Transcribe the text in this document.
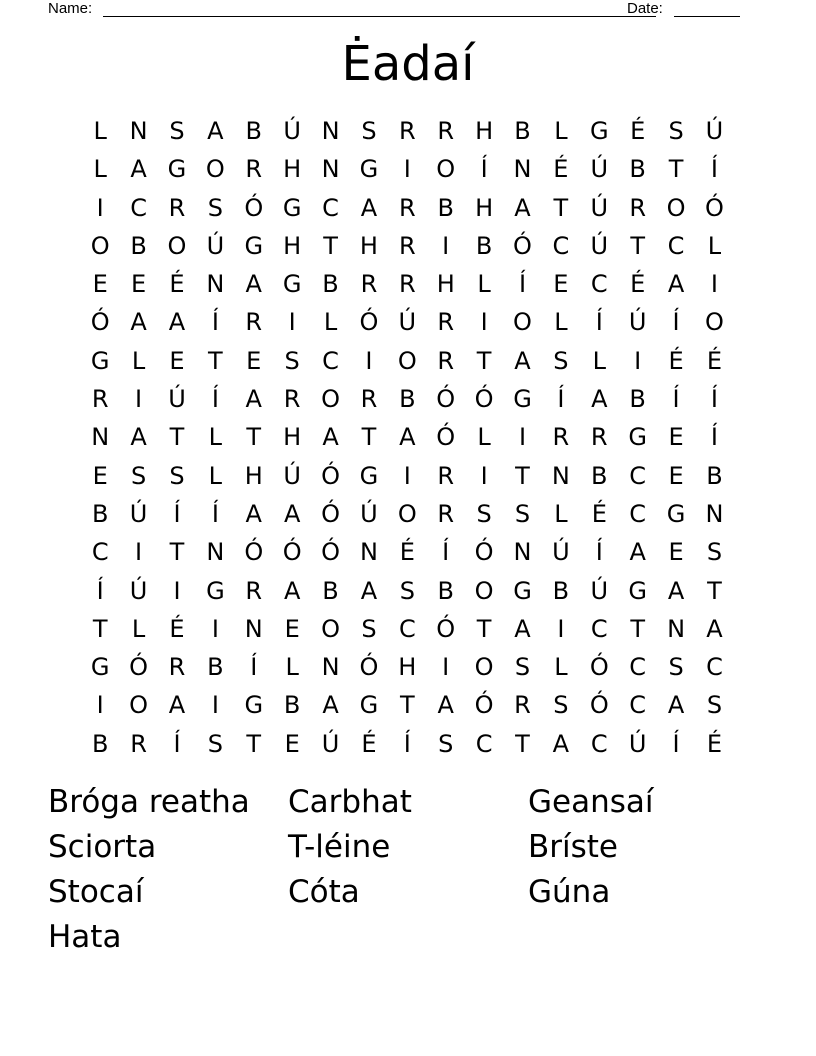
Name:	Date:
Ėadaí
L N S A B Ú N S R R H B L G É S Ú
L A G O R H N G	I	O	Í	N É Ú B T	Í
I	C R S Ó G C A R B H A T Ú R O Ó
O B O Ú G H T H R	I	B Ó C Ú T C L
E E É N A G B R R H L	Í	E C É A	I
Ó A A	Í	R	I	L Ó Ú R	I	O L	Í	Ú	Í	O
G L	E T E S C	I	O R T A S	L	I	É É
R	I	Ú	Í	A R O R B Ó Ó G	Í	A B	Í	Í
N A T	L	T H A T A Ó L	I	R R G E	Í
E S S	L H Ú Ó G	I	R	I	T N B C E B
B Ú	Í	Í	A A Ó Ú O R S S	L	É C G N
C	I	T N Ó Ó Ó N É	Í	Ó N Ú	Í	A E S
Í	Ú	I	G R A B A S B O G B Ú G A T
T	L	É	I	N E O S C Ó T A	I	C T N A
G Ó R B	Í	L N Ó H	I	O S	L Ó C S C
I	O A	I	G B A G T A Ó R S Ó C A S
B R	Í	S T E Ú É	Í	S C T A C Ú	Í	É
Bróga reatha	Carbhat	Geansaí
Sciorta	T-léine	Bríste
Stocaí	Cóta	Gúna
Hata
